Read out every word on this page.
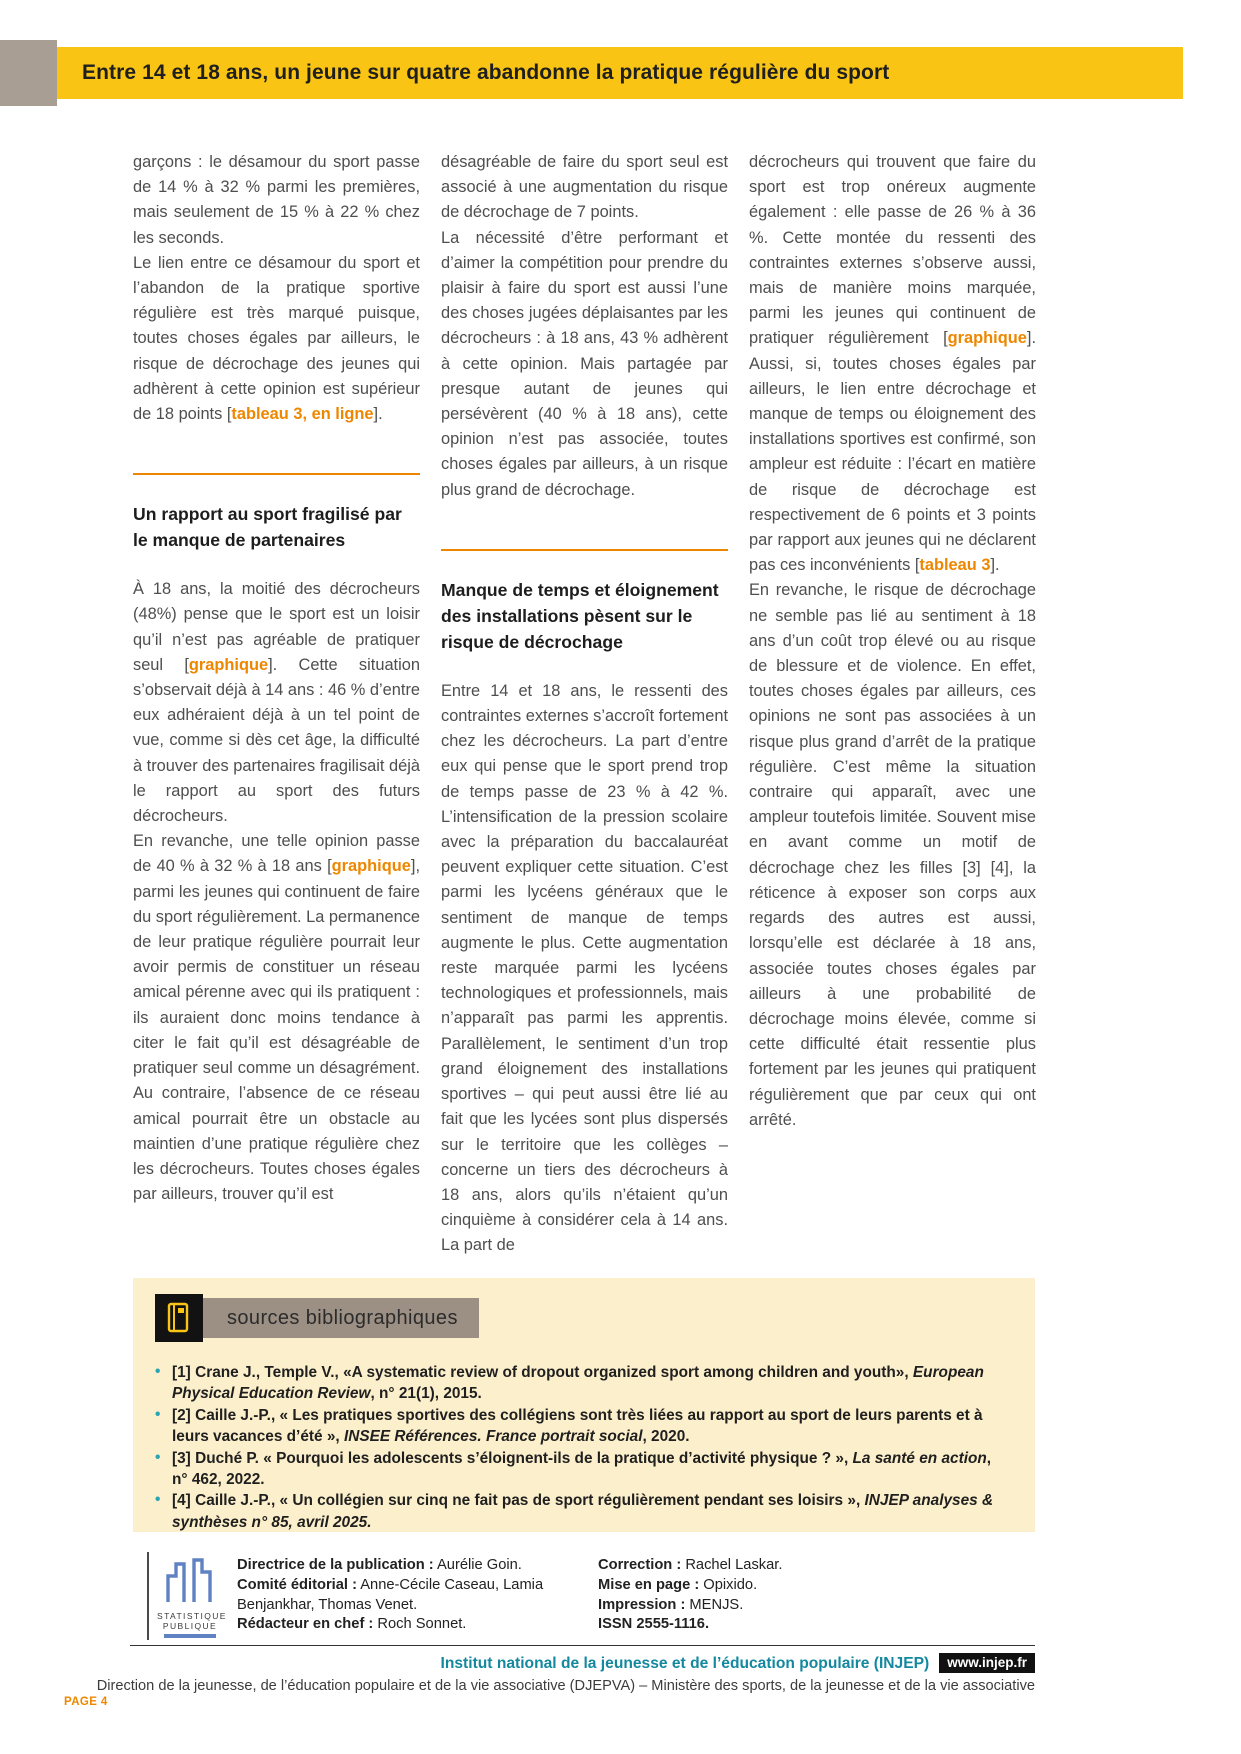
Entre 14 et 18 ans, un jeune sur quatre abandonne la pratique régulière du sport

garçons : le désamour du sport passe de 14 % à 32 % parmi les premières, mais seulement de 15 % à 22 % chez les seconds.

Le lien entre ce désamour du sport et l’abandon de la pratique sportive régulière est très marqué puisque, toutes choses égales par ailleurs, le risque de décrochage des jeunes qui adhèrent à cette opinion est supérieur de 18 points [tableau 3, en ligne].

Un rapport au sport fragilisé par le manque de partenaires

À 18 ans, la moitié des décrocheurs (48%) pense que le sport est un loisir qu’il n’est pas agréable de pratiquer seul [graphique]. Cette situation s’observait déjà à 14 ans : 46 % d’entre eux adhéraient déjà à un tel point de vue, comme si dès cet âge, la difficulté à trouver des partenaires fragilisait déjà le rapport au sport des futurs décrocheurs.

En revanche, une telle opinion passe de 40 % à 32 % à 18 ans [graphique], parmi les jeunes qui continuent de faire du sport régulièrement. La permanence de leur pratique régulière pourrait leur avoir permis de constituer un réseau amical pérenne avec qui ils pratiquent : ils auraient donc moins tendance à citer le fait qu’il est désagréable de pratiquer seul comme un désagrément. Au contraire, l’absence de ce réseau amical pourrait être un obstacle au maintien d’une pratique régulière chez les décrocheurs. Toutes choses égales par ailleurs, trouver qu’il est

désagréable de faire du sport seul est associé à une augmentation du risque de décrochage de 7 points.

La nécessité d’être performant et d’aimer la compétition pour prendre du plaisir à faire du sport est aussi l’une des choses jugées déplaisantes par les décrocheurs : à 18 ans, 43 % adhèrent à cette opinion. Mais partagée par presque autant de jeunes qui persévèrent (40 % à 18 ans), cette opinion n’est pas associée, toutes choses égales par ailleurs, à un risque plus grand de décrochage.

Manque de temps et éloignement des installations pèsent sur le risque de décrochage

Entre 14 et 18 ans, le ressenti des contraintes externes s’accroît fortement chez les décrocheurs. La part d’entre eux qui pense que le sport prend trop de temps passe de 23 % à 42 %. L’intensification de la pression scolaire avec la préparation du baccalauréat peuvent expliquer cette situation. C’est parmi les lycéens généraux que le sentiment de manque de temps augmente le plus. Cette augmentation reste marquée parmi les lycéens technologiques et professionnels, mais n’apparaît pas parmi les apprentis. Parallèlement, le sentiment d’un trop grand éloignement des installations sportives – qui peut aussi être lié au fait que les lycées sont plus dispersés sur le territoire que les collèges – concerne un tiers des décrocheurs à 18 ans, alors qu’ils n’étaient qu’un cinquième à considérer cela à 14 ans. La part de

décrocheurs qui trouvent que faire du sport est trop onéreux augmente également : elle passe de 26 % à 36 %. Cette montée du ressenti des contraintes externes s’observe aussi, mais de manière moins marquée, parmi les jeunes qui continuent de pratiquer régulièrement [graphique]. Aussi, si, toutes choses égales par ailleurs, le lien entre décrochage et manque de temps ou éloignement des installations sportives est confirmé, son ampleur est réduite : l’écart en matière de risque de décrochage est respectivement de 6 points et 3 points par rapport aux jeunes qui ne déclarent pas ces inconvénients [tableau 3].

En revanche, le risque de décrochage ne semble pas lié au sentiment à 18 ans d’un coût trop élevé ou au risque de blessure et de violence. En effet, toutes choses égales par ailleurs, ces opinions ne sont pas associées à un risque plus grand d’arrêt de la pratique régulière. C’est même la situation contraire qui apparaît, avec une ampleur toutefois limitée. Souvent mise en avant comme un motif de décrochage chez les filles [3] [4], la réticence à exposer son corps aux regards des autres est aussi, lorsqu’elle est déclarée à 18 ans, associée toutes choses égales par ailleurs à une probabilité de décrochage moins élevée, comme si cette difficulté était ressentie plus fortement par les jeunes qui pratiquent régulièrement que par ceux qui ont arrêté.

sources bibliographiques
• [1] Crane J., Temple V., «A systematic review of dropout organized sport among children and youth», European Physical Education Review, n° 21(1), 2015.
• [2] Caille J.-P., « Les pratiques sportives des collégiens sont très liées au rapport au sport de leurs parents et à leurs vacances d’été », INSEE Références. France portrait social, 2020.
• [3] Duché P. « Pourquoi les adolescents s’éloignent-ils de la pratique d’activité physique ? », La santé en action, n° 462, 2022.
• [4] Caille J.-P., « Un collégien sur cinq ne fait pas de sport régulièrement pendant ses loisirs », INJEP analyses & synthèses n° 85, avril 2025.
STATISTIQUE
PUBLIQUE

Directrice de la publication : Aurélie Goin.

Comité éditorial : Anne-Cécile Caseau, Lamia Benjankhar, Thomas Venet.

Rédacteur en chef : Roch Sonnet.

Correction : Rachel Laskar.

Mise en page : Opixido.

Impression : MENJS.

ISSN 2555-1116.

Institut national de la jeunesse et de l’éducation populaire (INJEP) www.injep.fr
Direction de la jeunesse, de l’éducation populaire et de la vie associative (DJEPVA) – Ministère des sports, de la jeunesse et de la vie associative
PAGE 4
